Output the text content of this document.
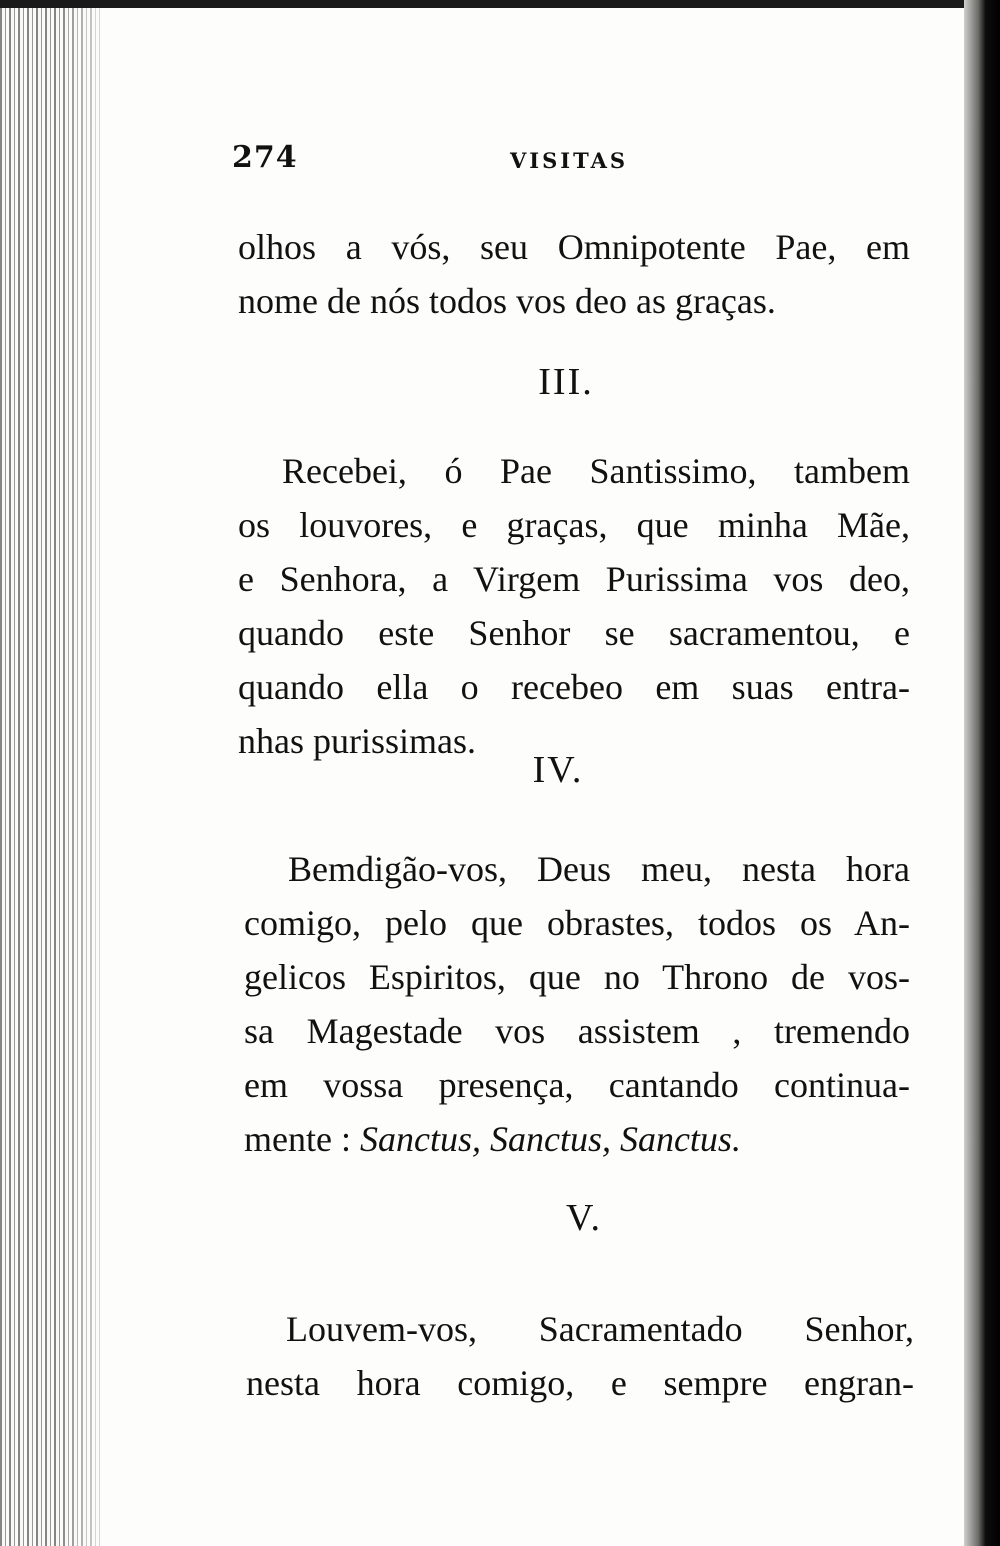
274	VISITAS
olhos a vós, seu Omnipotente Pae, em
nome de nós todos vos deo as graças.
III.
Recebei, ó Pae Santissimo, tambem
os louvores, e graças, que minha Mãe,
e Senhora, a Virgem Purissima vos deo,
quando este Senhor se sacramentou, e
quando ella o recebeo em suas entra-
nhas purissimas.
IV.
Bemdigão-vos, Deus meu, nesta hora
comigo, pelo que obrastes, todos os An-
gelicos Espiritos, que no Throno de vos-
sa Magestade vos assistem , tremendo
em vossa presença, cantando continua-
mente : Sanctus, Sanctus, Sanctus.
V.
Louvem-vos, Sacramentado Senhor,
nesta hora comigo, e sempre engran-
